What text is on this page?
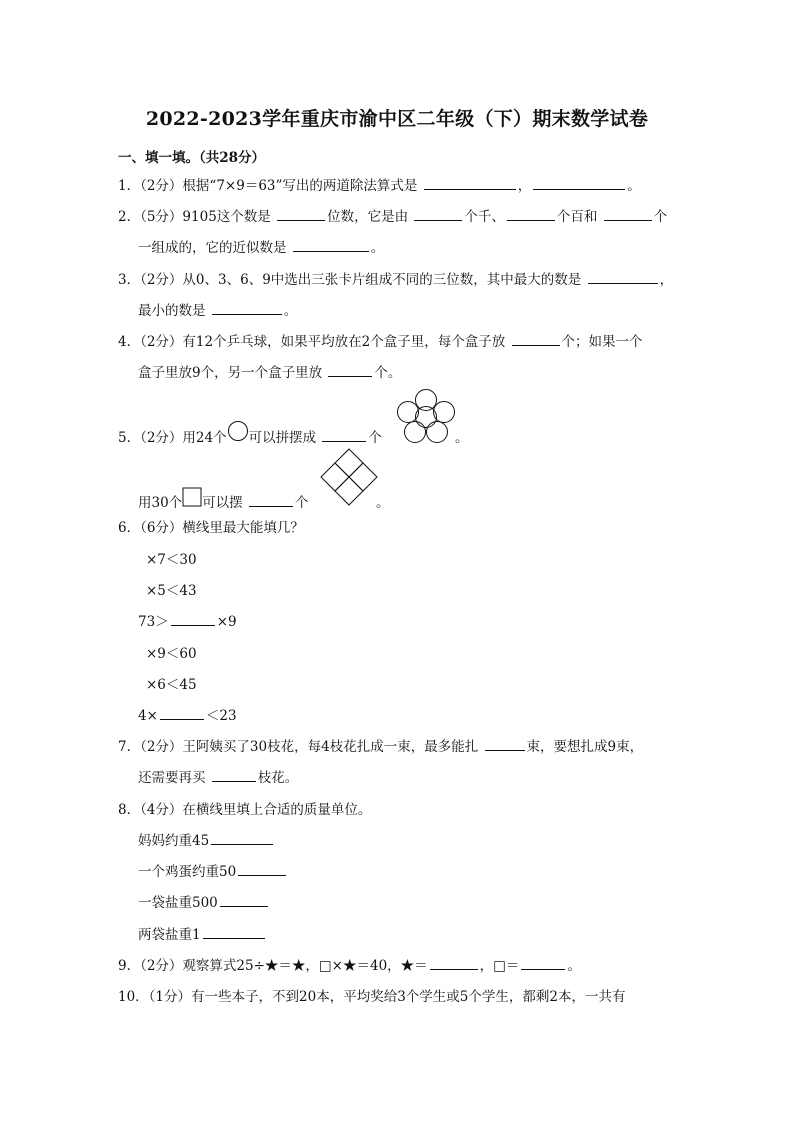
2022-2023学年重庆市渝中区二年级（下）期末数学试卷
一、填一填。（共28分）
1．（2分）根据“7×9＝63”写出的两道除法算式是	，	。
2．（5分）9105这个数是	位数，它是由	个千、	个百和	个
一组成的，它的近似数是	。
3．（2分）从0、3、6、9中选出三张卡片组成不同的三位数，其中最大的数是	，
最小的数是	。
4．（2分）有12个乒乓球，如果平均放在2个盒子里，每个盒子放	个；如果一个
盒子里放9个，另一个盒子里放	个。
5．（2分）用24个 可以拼摆成	个	。
用30个 可以摆	个	。
6．（6分）横线里最大能填几？
×7＜30
×5＜43
73＞	×9
×9＜60
×6＜45
4×	＜23
7．（2分）王阿姨买了30枝花，每4枝花扎成一束，最多能扎	束，要想扎成9束，
还需要再买	枝花。
8．（4分）在横线里填上合适的质量单位。
妈妈约重45
一个鸡蛋约重50
一袋盐重500
两袋盐重1
9．（2分）观察算式25÷★＝★，□×★＝40，★＝	，□＝	。
10．（1分）有一些本子，不到20本，平均奖给3个学生或5个学生，都剩2本，一共有
